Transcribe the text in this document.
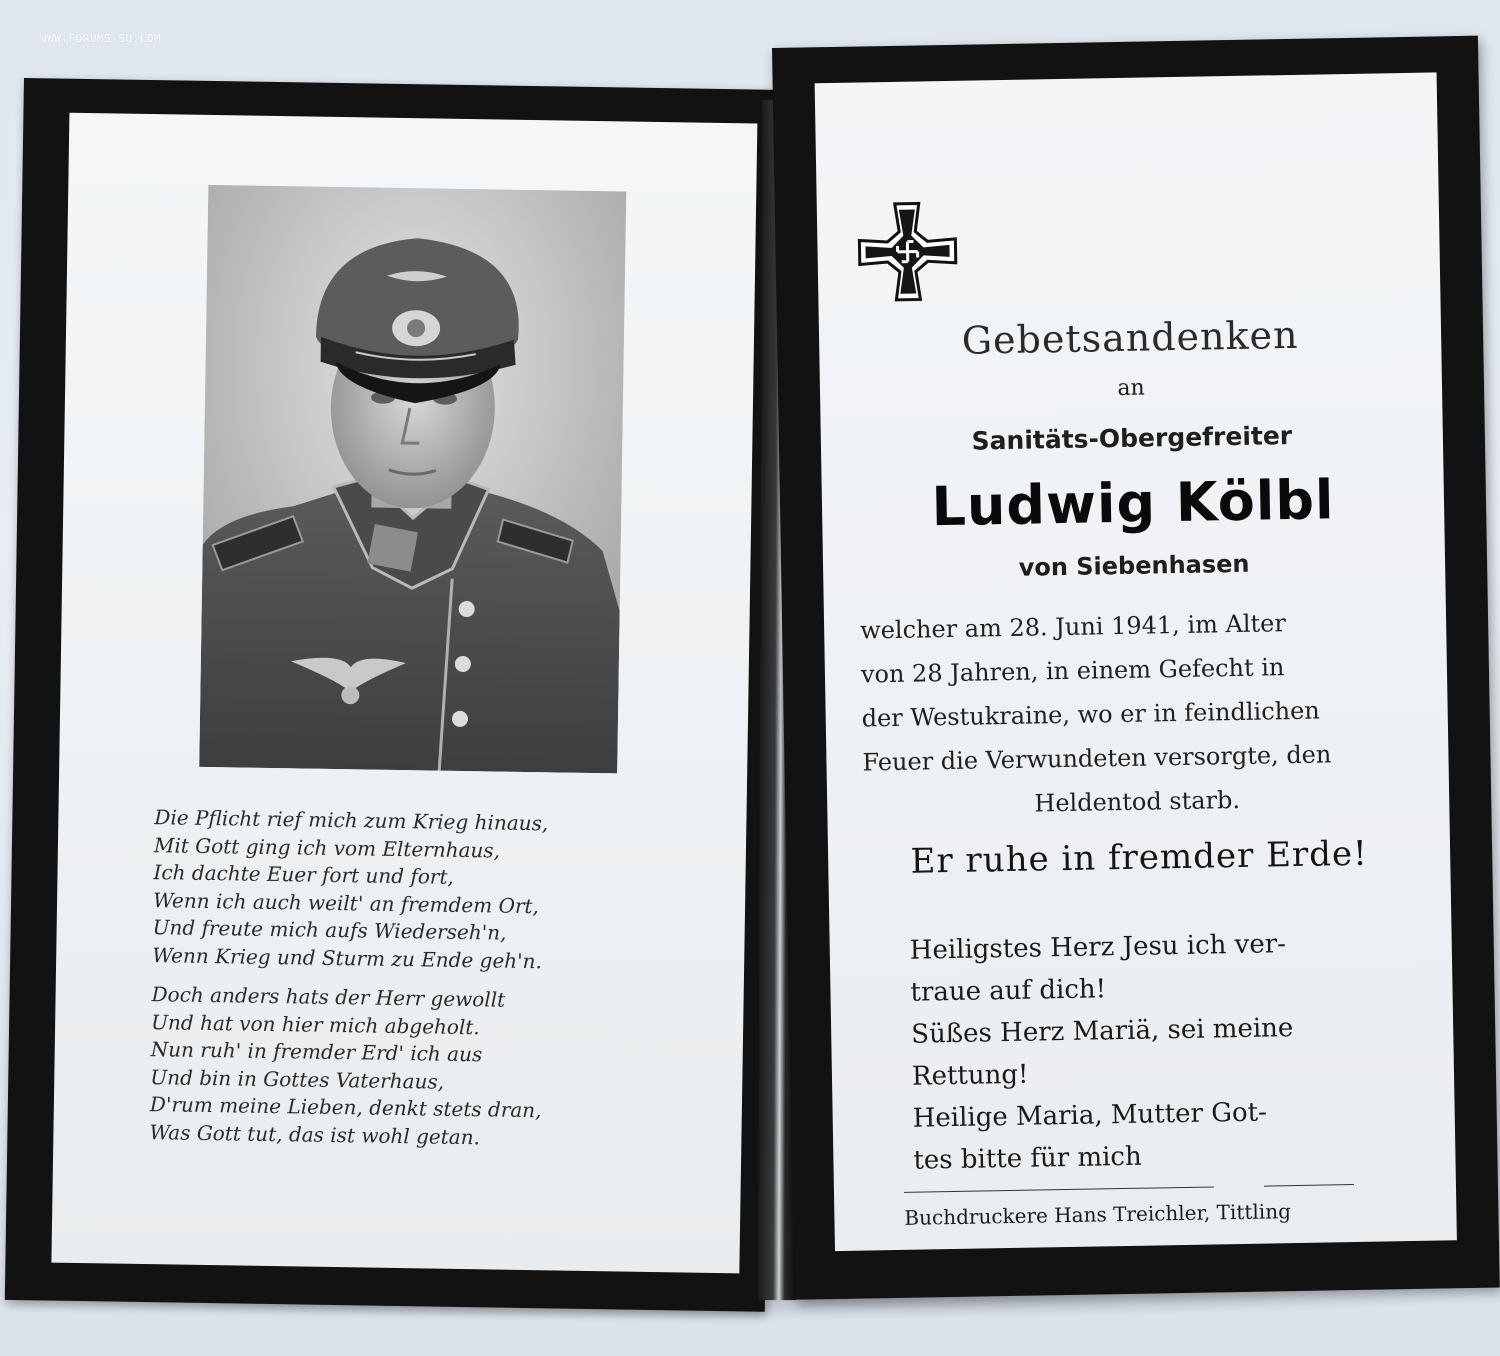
WWW.FORUMS-SU.COM
Die Pflicht rief mich zum Krieg hinaus,
Mit Gott ging ich vom Elternhaus,
Ich dachte Euer fort und fort,
Wenn ich auch weilt' an fremdem Ort,
Und freute mich aufs Wiederseh'n,
Wenn Krieg und Sturm zu Ende geh'n.
Doch anders hats der Herr gewollt
Und hat von hier mich abgeholt.
Nun ruh' in fremder Erd' ich aus
Und bin in Gottes Vaterhaus,
D'rum meine Lieben, denkt stets dran,
Was Gott tut, das ist wohl getan.
Gebetsandenken
an
Sanitäts-Obergefreiter
Ludwig Kölbl
von Siebenhasen
welcher am 28. Juni 1941, im Alter
von 28 Jahren, in einem Gefecht in
der Westukraine, wo er in feindlichen
Feuer die Verwundeten versorgte, den
Heldentod starb.
Er ruhe in fremder Erde!
Heiligstes Herz Jesu ich ver-
traue auf dich!
Süßes Herz Mariä, sei meine
Rettung!
Heilige Maria, Mutter Got-
tes bitte für mich
Buchdruckere Hans Treichler, Tittling
